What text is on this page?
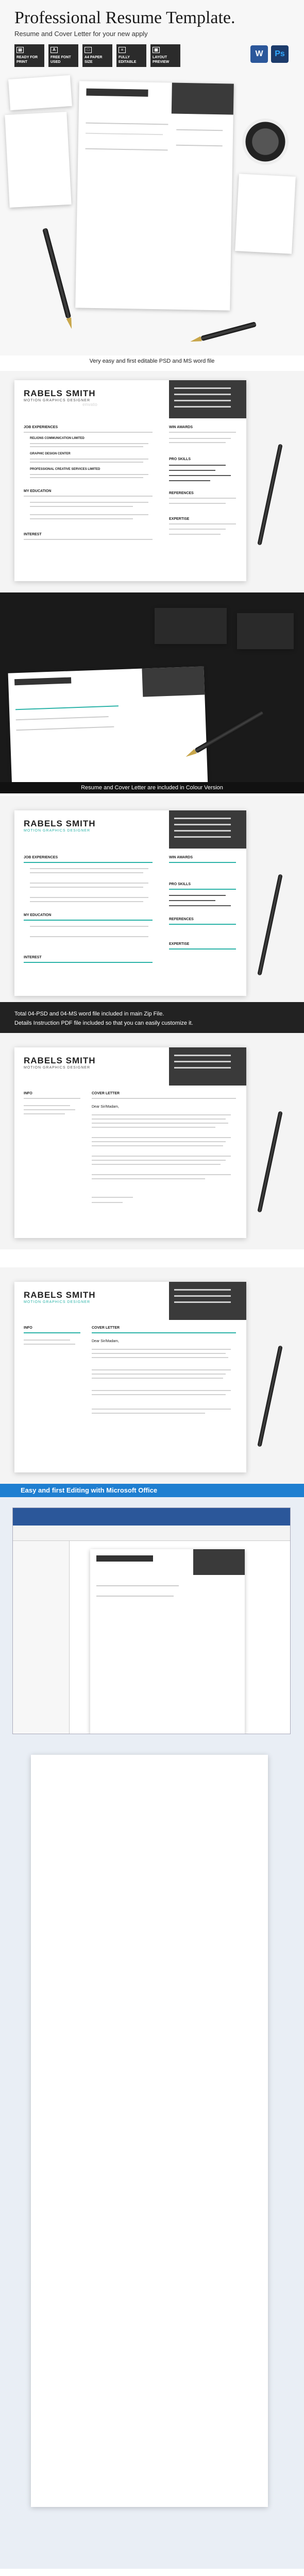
Professional Resume Template.
Resume and Cover Letter for your new apply
▤
READY FOR PRINT
A
FREE FONT USED
□
A4 PAPER SIZE
≡
FULLY EDITABLE
▦
LAYOUT PREVIEW
W	Ps
Very easy and first editable PSD and MS word file
RABELS SMITH
MOTION GRAPHICS DESIGNER
JOB EXPERIENCES
RELIONS COMMUNICATION LIMITED
GRAPHIC DESIGN CENTER
PROFESSIONAL CREATIVE SERVICES LIMITED
MY EDUCATION
INTEREST
WIN AWARDS
PRO SKILLS
REFERENCES
EXPERTISE
envato
Resume and Cover Letter are included in Colour Version
RABELS SMITH
MOTION GRAPHICS DESIGNER
JOB EXPERIENCES
MY EDUCATION
INTEREST
WIN AWARDS
PRO SKILLS
REFERENCES
EXPERTISE
Total 04-PSD and 04-MS word file included in main Zip File.
Details Instruction PDF file included so that you can easily customize it.
RABELS SMITH
MOTION GRAPHICS DESIGNER
INFO	COVER LETTER
Dear Sir/Madam,
RABELS SMITH
MOTION GRAPHICS DESIGNER
INFO	COVER LETTER
Dear Sir/Madam,
Easy and first Editing with Microsoft Office
